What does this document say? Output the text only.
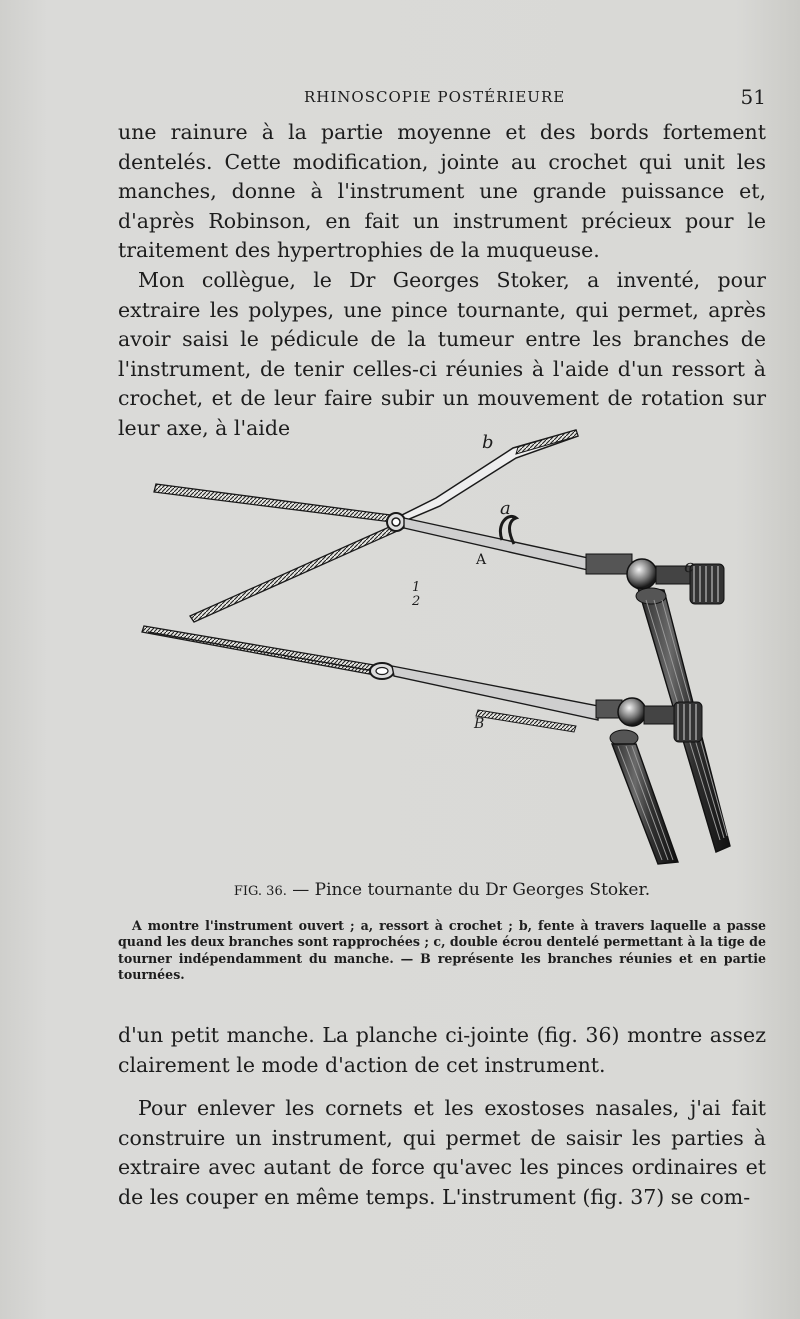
RHINOSCOPIE POSTÉRIEURE	51

une rainure à la partie moyenne et des bords fortement dentelés. Cette modification, jointe au crochet qui unit les manches, donne à l'instrument une grande puissance et, d'après Robinson, en fait un instrument précieux pour le traitement des hypertrophies de la muqueuse.

Mon collègue, le Dr Georges Stoker, a inventé, pour extraire les polypes, une pince tournante, qui permet, après avoir saisi le pédicule de la tumeur entre les branches de l'instrument, de tenir celles-ci réunies à l'aide d'un ressort à crochet, et de leur faire subir un mouvement de rotation sur leur axe, à l'aide

b
a
A	c
1
2
B
FIG. 36. — Pince tournante du Dr Georges Stoker.

A montre l'instrument ouvert ; a, ressort à crochet ; b, fente à travers laquelle a passe quand les deux branches sont rapprochées ; c, double écrou dentelé permettant à la tige de tourner indépendamment du manche. — B représente les branches réunies et en partie tournées.

d'un petit manche. La planche ci-jointe (fig. 36) montre assez clairement le mode d'action de cet instrument.

Pour enlever les cornets et les exostoses nasales, j'ai fait construire un instrument, qui permet de saisir les parties à extraire avec autant de force qu'avec les pinces ordinaires et de les couper en même temps. L'instrument (fig. 37) se com-
